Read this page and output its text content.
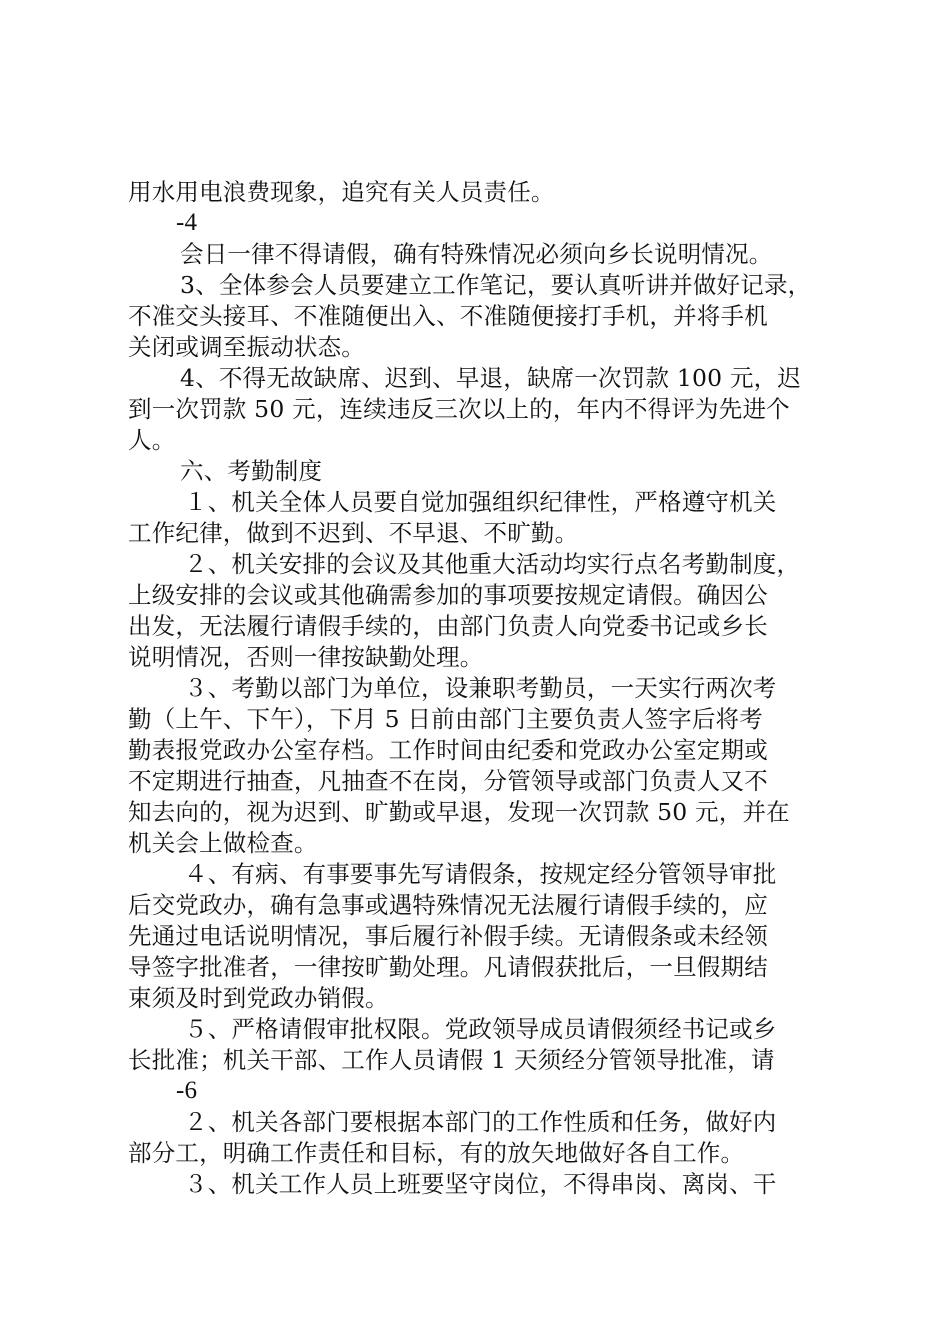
用水用电浪费现象，追究有关人员责任。
-4
会日一律不得请假，确有特殊情况必须向乡长说明情况。
3、全体参会人员要建立工作笔记，要认真听讲并做好记录，
不准交头接耳、不准随便出入、不准随便接打手机，并将手机
关闭或调至振动状态。
4、不得无故缺席、迟到、早退，缺席一次罚款 100 元，迟
到一次罚款 50 元，连续违反三次以上的，年内不得评为先进个
人。
六、考勤制度
１、机关全体人员要自觉加强组织纪律性，严格遵守机关
工作纪律，做到不迟到、不早退、不旷勤。
２、机关安排的会议及其他重大活动均实行点名考勤制度，
上级安排的会议或其他确需参加的事项要按规定请假。确因公
出发，无法履行请假手续的，由部门负责人向党委书记或乡长
说明情况，否则一律按缺勤处理。
３、考勤以部门为单位，设兼职考勤员，一天实行两次考
勤（上午、下午），下月 5 日前由部门主要负责人签字后将考
勤表报党政办公室存档。工作时间由纪委和党政办公室定期或
不定期进行抽查，凡抽查不在岗，分管领导或部门负责人又不
知去向的，视为迟到、旷勤或早退，发现一次罚款 50 元，并在
机关会上做检查。
４、有病、有事要事先写请假条，按规定经分管领导审批
后交党政办，确有急事或遇特殊情况无法履行请假手续的，应
先通过电话说明情况，事后履行补假手续。无请假条或未经领
导签字批准者，一律按旷勤处理。凡请假获批后，一旦假期结
束须及时到党政办销假。
５、严格请假审批权限。党政领导成员请假须经书记或乡
长批准；机关干部、工作人员请假 1 天须经分管领导批准，请
-6
２、机关各部门要根据本部门的工作性质和任务，做好内
部分工，明确工作责任和目标，有的放矢地做好各自工作。
３、机关工作人员上班要坚守岗位，不得串岗、离岗、干
